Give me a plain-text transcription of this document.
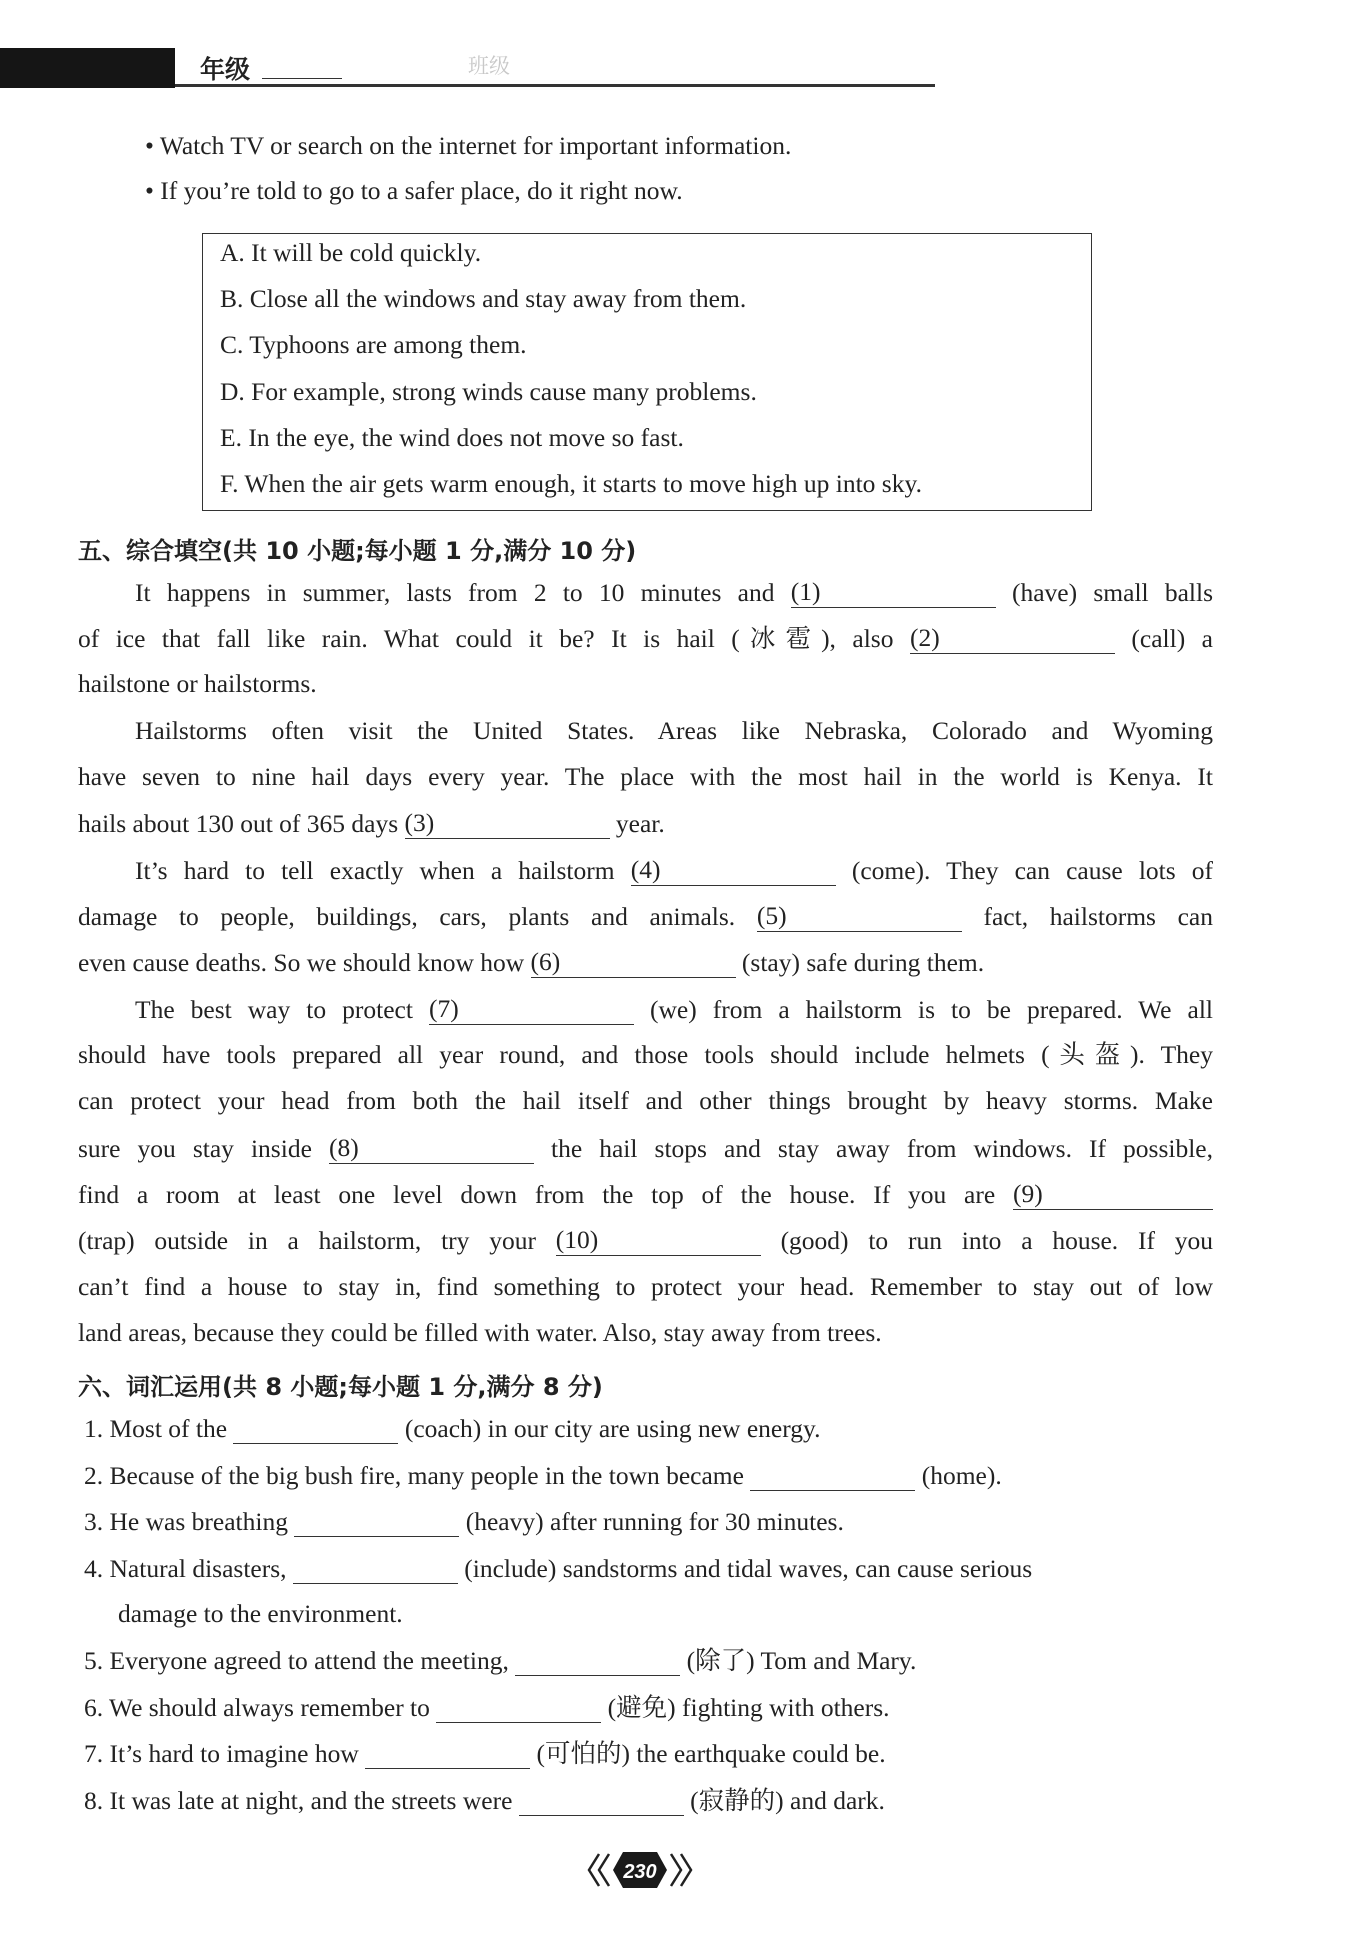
年级	班级
• Watch TV or search on the internet for important information.
• If you’re told to go to a safer place, do it right now.
A. It will be cold quickly.
B. Close all the windows and stay away from them.
C. Typhoons are among them.
D. For example, strong winds cause many problems.
E. In the eye, the wind does not move so fast.
F. When the air gets warm enough, it starts to move high up into sky.
五、综合填空(共 10 小题;每小题 1 分,满分 10 分)
It happens in summer, lasts from 2 to 10 minutes and (1)	(have) small balls
of ice that fall like rain. What could it be? It is hail (冰雹), also (2)	(call) a
hailstone or hailstorms.
Hailstorms often visit the United States. Areas like Nebraska, Colorado and Wyoming
have seven to nine hail days every year. The place with the most hail in the world is Kenya. It
hails about 130 out of 365 days (3)	year.
It’s hard to tell exactly when a hailstorm (4)	(come). They can cause lots of
damage to people, buildings, cars, plants and animals. (5)	fact, hailstorms can
even cause deaths. So we should know how (6)	(stay) safe during them.
The best way to protect (7)	(we) from a hailstorm is to be prepared. We all
should have tools prepared all year round, and those tools should include helmets (头盔). They
can protect your head from both the hail itself and other things brought by heavy storms. Make
sure you stay inside (8)	the hail stops and stay away from windows. If possible,
find a room at least one level down from the top of the house. If you are (9)
(trap) outside in a hailstorm, try your (10)	(good) to run into a house. If you
can’t find a house to stay in, find something to protect your head. Remember to stay out of low
land areas, because they could be filled with water. Also, stay away from trees.
六、词汇运用(共 8 小题;每小题 1 分,满分 8 分)
1. Most of the	(coach) in our city are using new energy.
2. Because of the big bush fire, many people in the town became	(home).
3. He was breathing	(heavy) after running for 30 minutes.
4. Natural disasters,	(include) sandstorms and tidal waves, can cause serious
damage to the environment.
5. Everyone agreed to attend the meeting,	(除了) Tom and Mary.
6. We should always remember to	(避免) fighting with others.
7. It’s hard to imagine how	(可怕的) the earthquake could be.
8. It was late at night, and the streets were	(寂静的) and dark.
230
